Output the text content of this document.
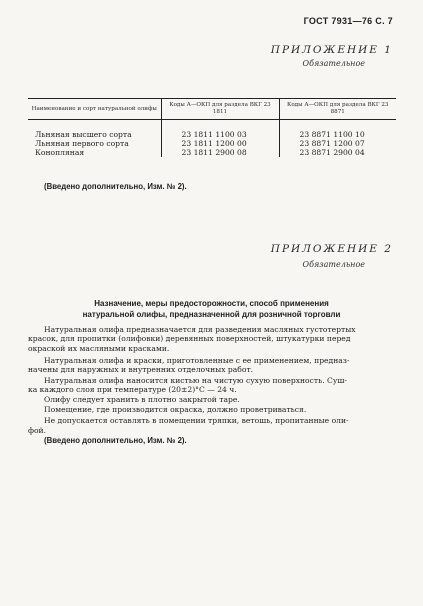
ГОСТ 7931—76 С. 7
ПРИЛОЖЕНИЕ 1
Обязательное
Наименование и сорт натуральной олифы	Коды А—ОКП для раздела ВКГ 23 1811	Коды А—ОКП для раздела ВКГ 23 8871
Льняная высшего сорта	23 1811 1100 03	23 8871 1100 10
Льняная первого сорта	23 1811 1200 00	23 8871 1200 07
Конопляная	23 1811 2900 08	23 8871 2900 04
(Введено дополнительно, Изм. № 2).
ПРИЛОЖЕНИЕ 2
Обязательное
Назначение, меры предосторожности, способ применения
натуральной олифы, предназначенной для розничной торговли
Натуральная олифа предназначается для разведения масляных густотертых
красок, для пропитки (олифовки) деревянных поверхностей, штукатурки перед
окраской их масляными красками.
Натуральная олифа и краски, приготовленные с ее применением, предназ-
начены для наружных и внутренних отделочных работ.
Натуральная олифа наносится кистью на чистую сухую поверхность. Суш-
ка каждого слоя при температуре (20±2)°С — 24 ч.
Олифу следует хранить в плотно закрытой таре.
Помещение, где производится окраска, должно проветриваться.
Не допускается оставлять в помещении тряпки, ветошь, пропитанные оли-
фой.
(Введено дополнительно, Изм. № 2).
